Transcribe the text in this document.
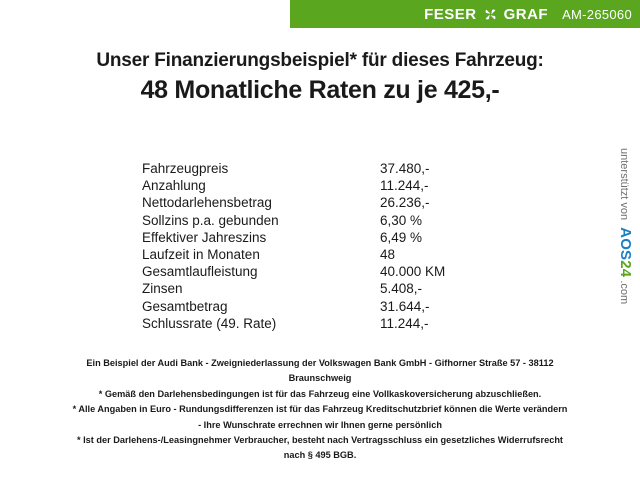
FESER GRAF AM-265060
Unser Finanzierungsbeispiel* für dieses Fahrzeug:
48 Monatliche Raten zu je 425,-
Fahrzeugpreis	37.480,-
Anzahlung	11.244,-
Nettodarlehensbetrag	26.236,-
Sollzins p.a. gebunden	6,30 %
Effektiver Jahreszins	6,49 %
Laufzeit in Monaten	48
Gesamtlaufleistung	40.000 KM
Zinsen	5.408,-
Gesamtbetrag	31.644,-
Schlussrate (49. Rate)	11.244,-
unterstützt von
AOS24
.com

Ein Beispiel der Audi Bank - Zweigniederlassung der Volkswagen Bank GmbH - Gifhorner Straße 57 - 38112

Braunschweig

* Gemäß den Darlehensbedingungen ist für das Fahrzeug eine Vollkaskoversicherung abzuschließen.

* Alle Angaben in Euro - Rundungsdifferenzen ist für das Fahrzeug Kreditschutzbrief können die Werte verändern

- Ihre Wunschrate errechnen wir Ihnen gerne persönlich

* Ist der Darlehens-/Leasingnehmer Verbraucher, besteht nach Vertragsschluss ein gesetzliches Widerrufsrecht

nach § 495 BGB.
